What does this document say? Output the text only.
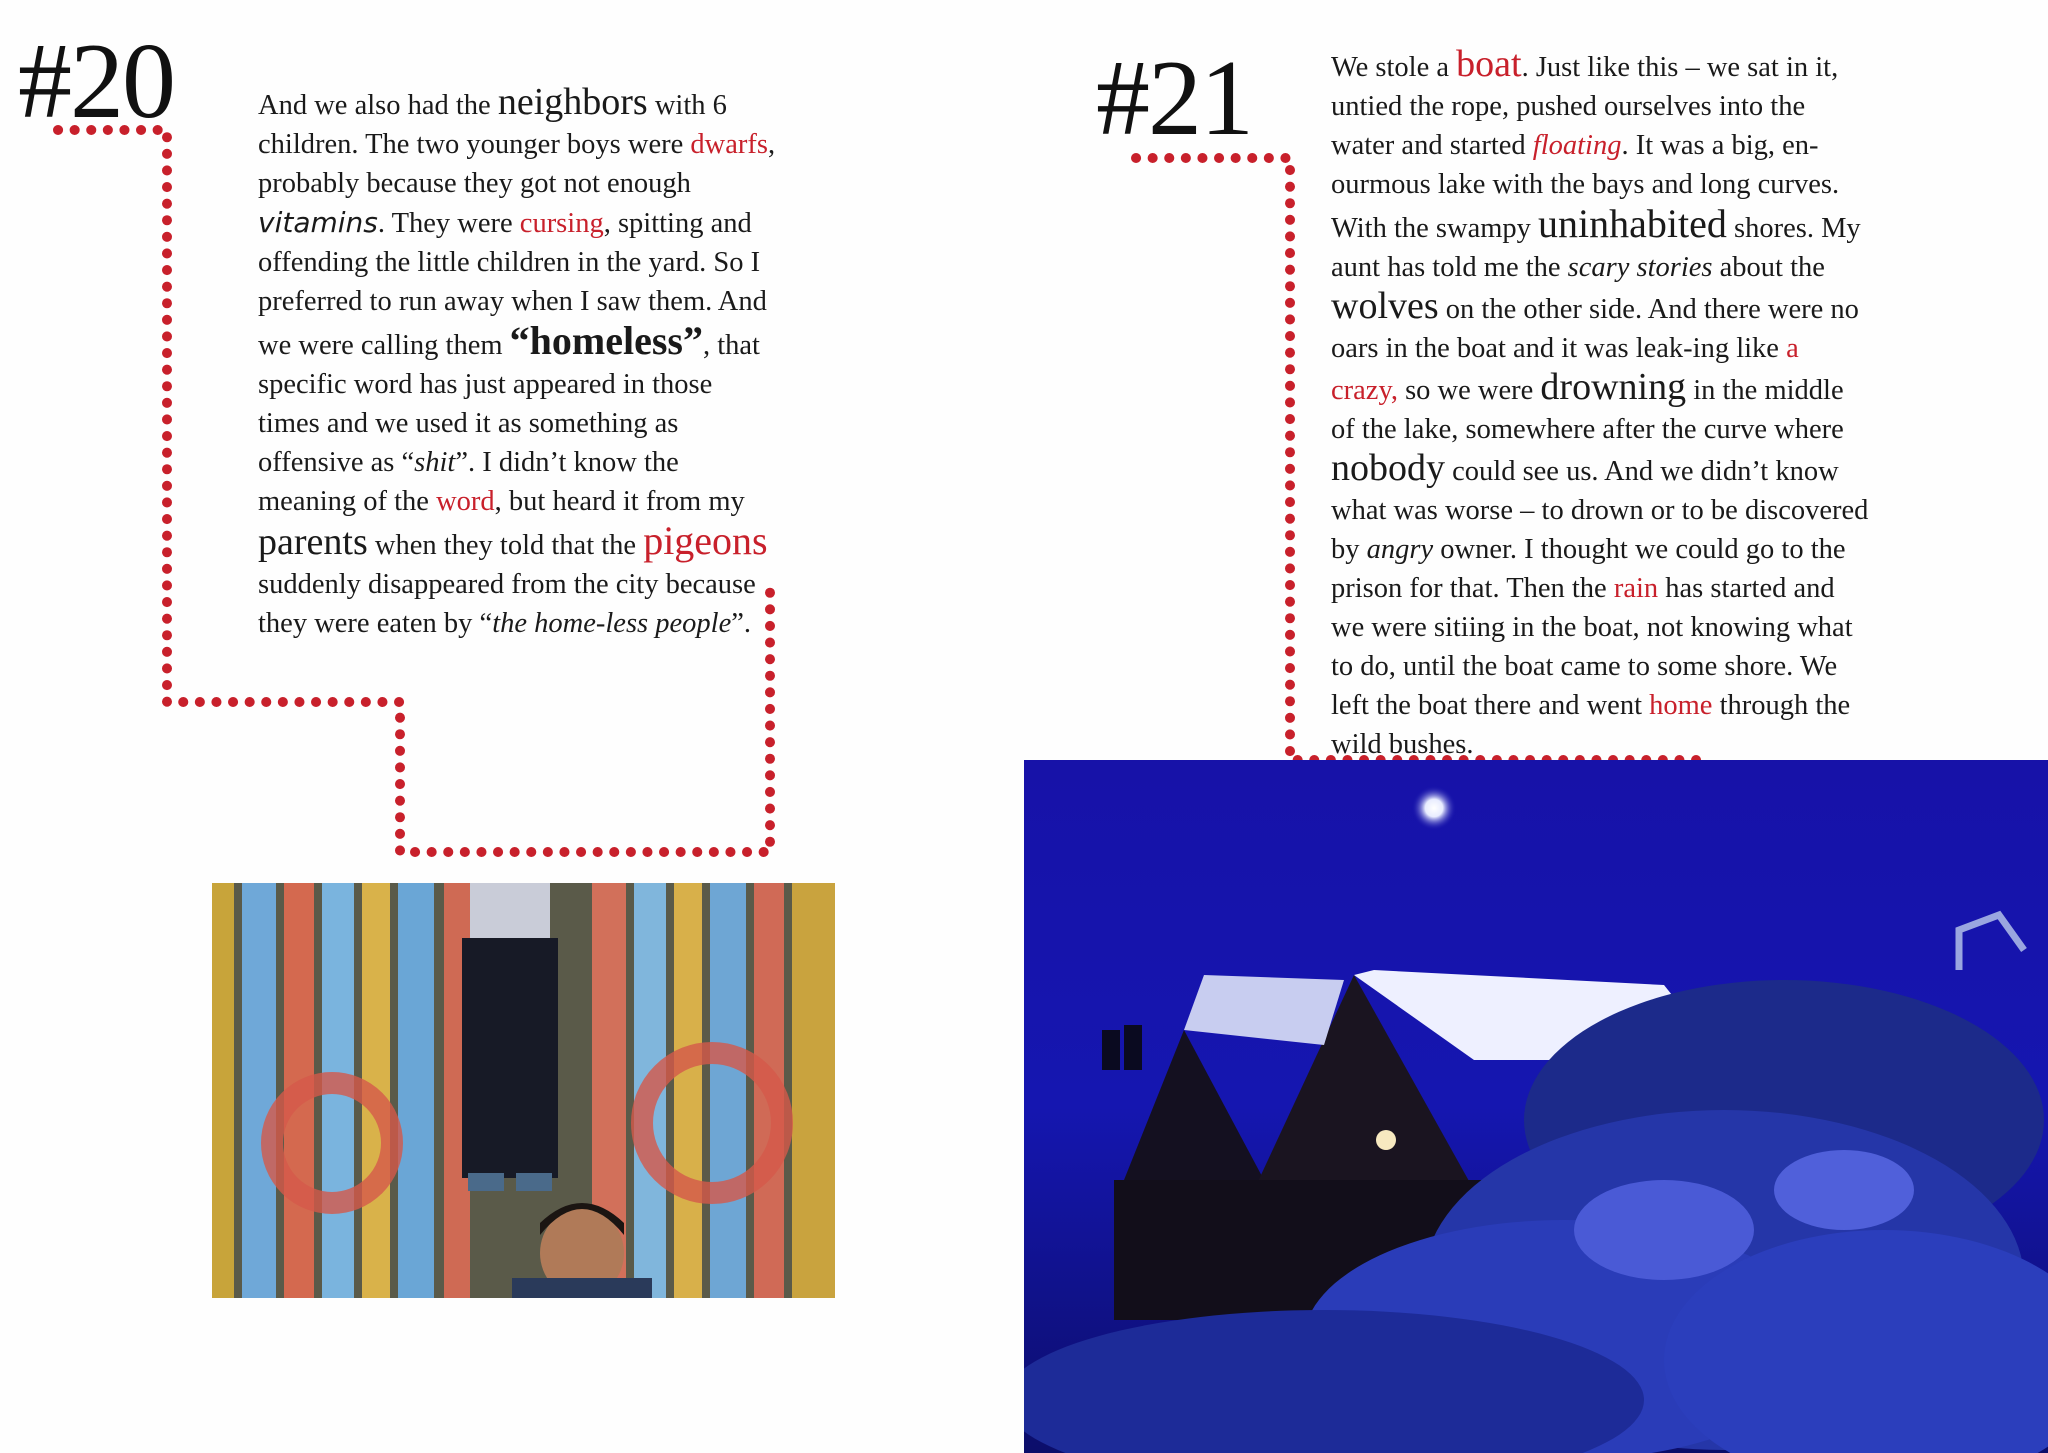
#20	And we also had the neighbors with 6 children. The two younger boys were dwarfs, probably because they got not enough vitamins. They were cursing, spitting and offending the little children in the yard. So I preferred to run away when I saw them. And we were calling them “homeless”, that specific word has just appeared in those times and we used it as something as offensive as “shit”. I didn’t know the meaning of the word, but heard it from my parents when they told that the pigeons suddenly disappeared from the city because they were eaten by “the home-less people”.

#21	We stole a boat. Just like this – we sat in it, untied the rope, pushed ourselves into the water and started floating. It was a big, en-ourmous lake with the bays and long curves. With the swampy uninhabited shores. My aunt has told me the scary stories about the wolves on the other side. And there were no oars in the boat and it was leak-ing like a crazy, so we were drowning in the middle of the lake, somewhere after the curve where nobody could see us. And we didn’t know what was worse – to drown or to be discovered by angry owner. I thought we could go to the prison for that. Then the rain has started and we were sitiing in the boat, not knowing what to do, until the boat came to some shore. We left the boat there and went home through the wild bushes.
